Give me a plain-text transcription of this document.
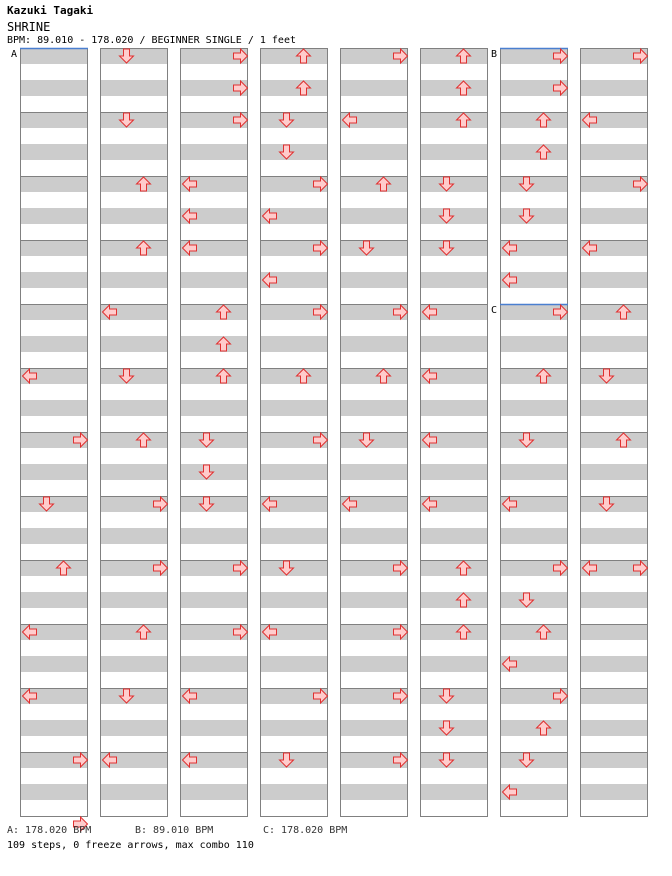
Kazuki Tagaki
SHRINE
BPM: 89.010 - 178.020 / BEGINNER SINGLE / 1 feet
A	B
C
A: 178.020 BPM	B: 89.010 BPM	C: 178.020 BPM
109 steps, 0 freeze arrows, max combo 110
